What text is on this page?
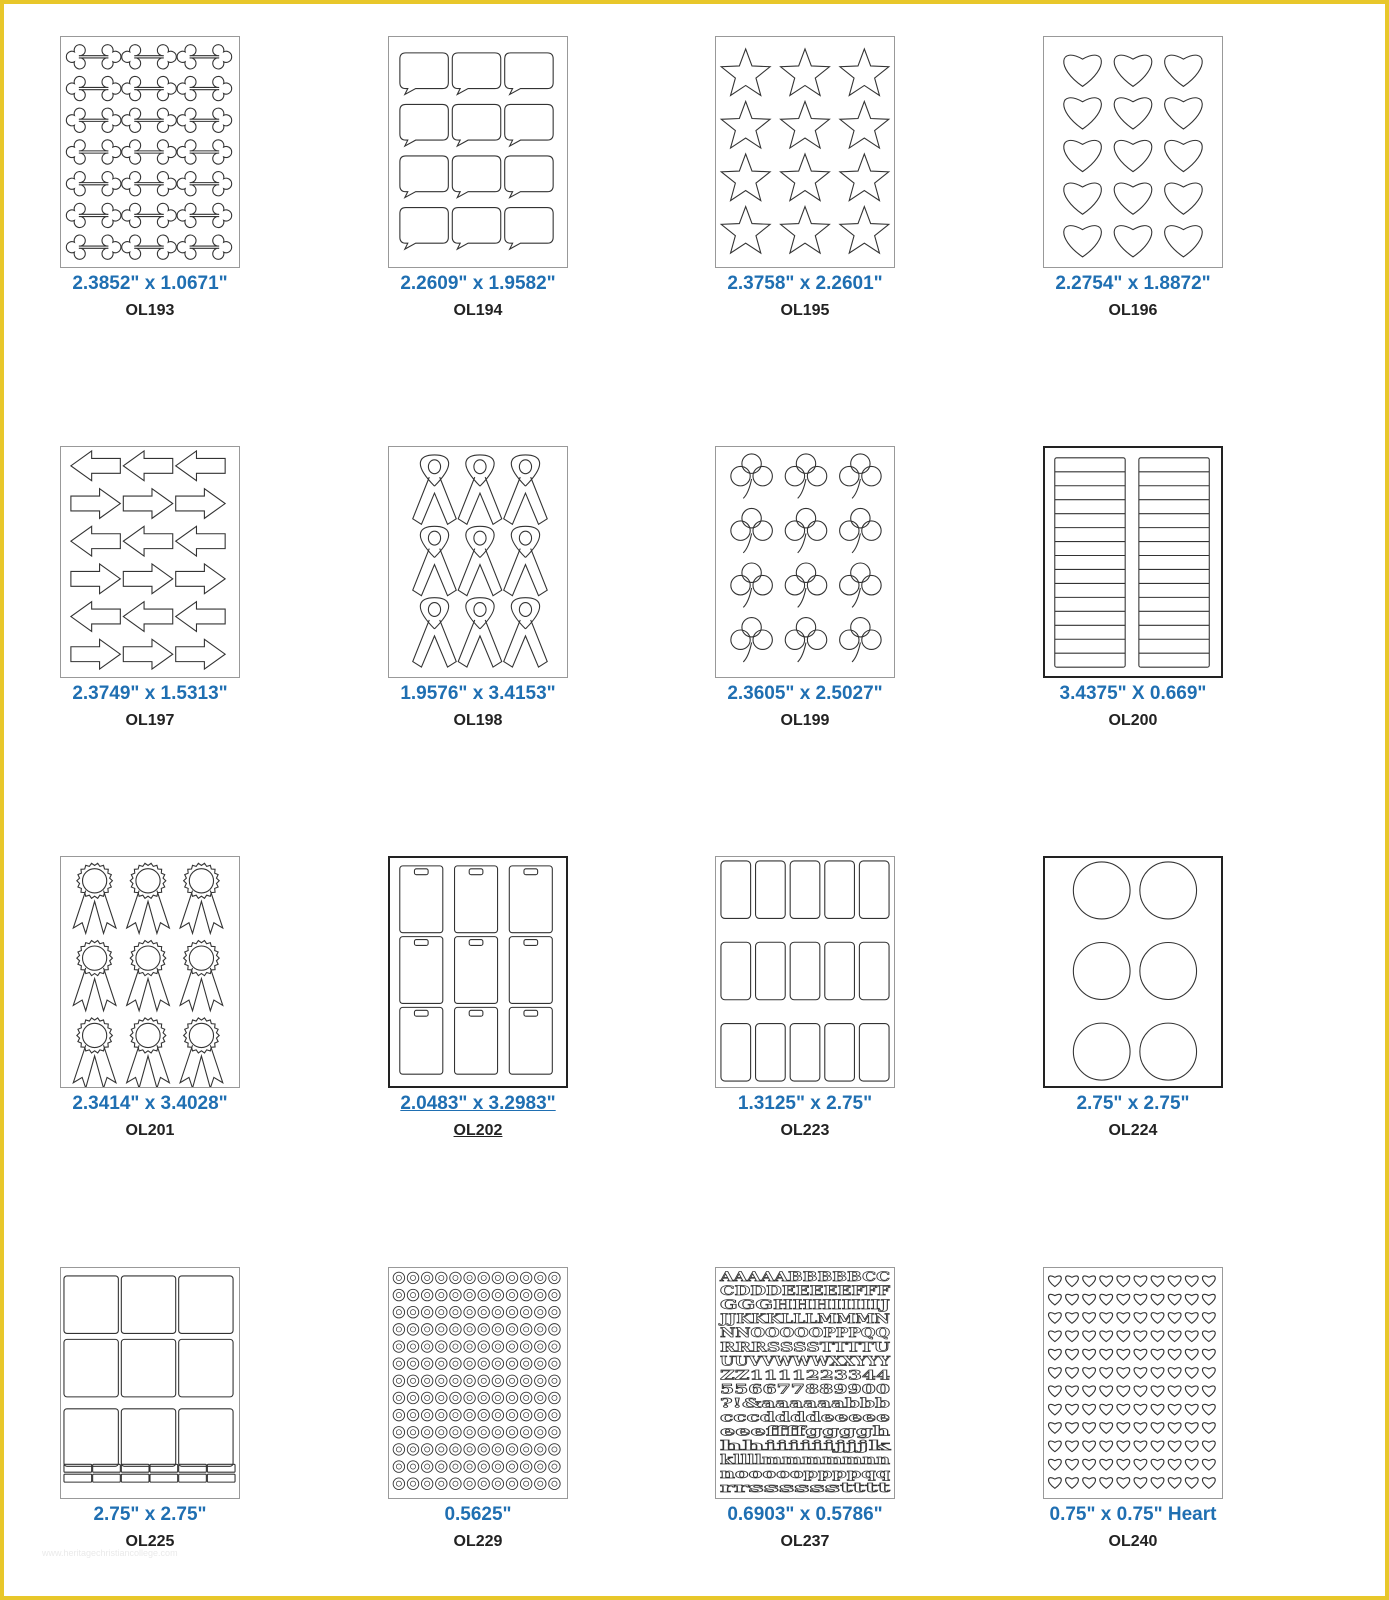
2.3852" x 1.0671"
OL193
2.2609" x 1.9582"
OL194
2.3758" x 2.2601"
OL195
2.2754" x 1.8872"
OL196
2.3749" x 1.5313"
OL197
1.9576" x 3.4153"
OL198
2.3605" x 2.5027"
OL199
3.4375" X 0.669"
OL200
2.3414" x 3.4028"
OL201
2.0483" x 3.2983"
OL202
1.3125" x 2.75"
OL223
2.75" x 2.75"
OL224
2.75" x 2.75"
OL225
0.5625"
OL229
AAAAABBBBBCC
CDDDEEEEEFFF
GGGHHHIIIIIJ
JJKKKLLLMMMN
NNOOOOOPPPQQ
RRRSSSSTTTTU
UUVVWWWXXYYY
ZZ1111223344
556677889900
?!&aaaaaabbb
cccddddeeeee
eeeffffggggh
hhiiiiiijjjk
kllllmmmmmnn
noooooppppqq
rrsssssstttt
0.6903" x 0.5786"
OL237
0.75" x 0.75" Heart
OL240
www.heritagechristiancollege.com
